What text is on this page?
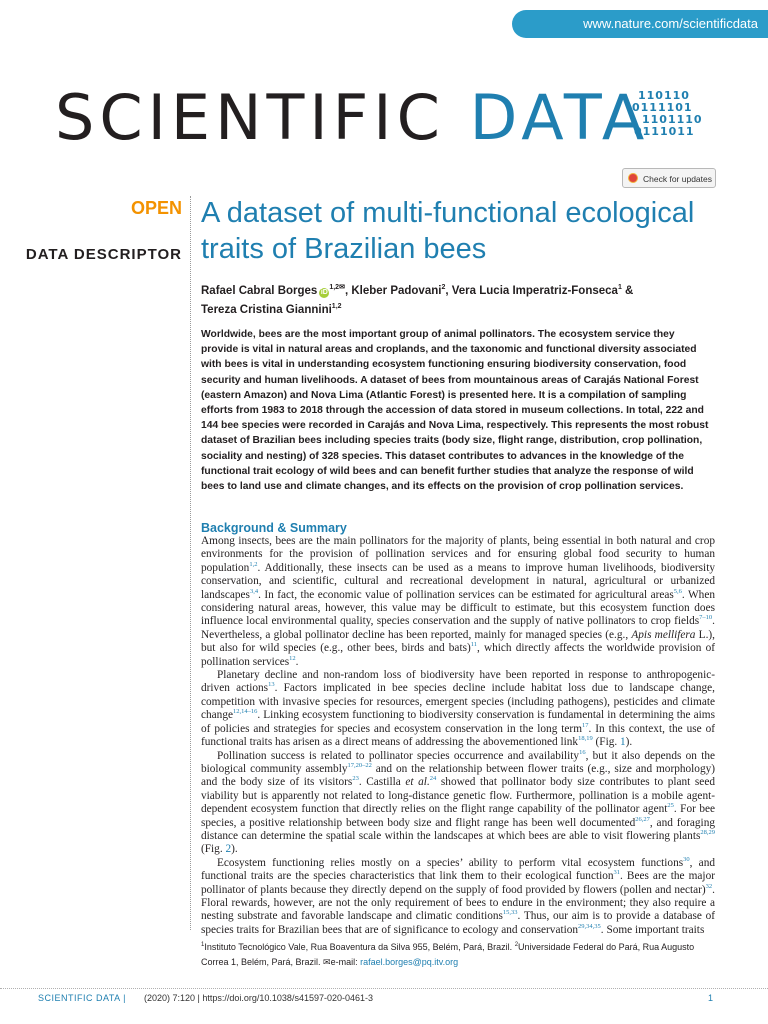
www.nature.com/scientificdata
SCIENTIFIC DATA
110110
0111101
1101110
0111011
Check for updates
OPEN
DATA DESCRIPTOR
A dataset of multi-functional ecological traits of Brazilian bees
Rafael Cabral Borges $iD^{1,2✉}$, Kleber Padovani$^2$, Vera Lucia Imperatriz-Fonseca$^1$ &
Tereza Cristina Giannini$^{1,2}$

Worldwide, bees are the most important group of animal pollinators. The ecosystem service they provide is vital in natural areas and croplands, and the taxonomic and functional diversity associated with bees is vital in understanding ecosystem functioning ensuring biodiversity conservation, food security and human livelihoods. A dataset of bees from mountainous areas of Carajás National Forest (eastern Amazon) and Nova Lima (Atlantic Forest) is presented here. It is a compilation of sampling efforts from 1983 to 2018 through the accession of data stored in museum collections. In total, 222 and 144 bee species were recorded in Carajás and Nova Lima, respectively. This represents the most robust dataset of Brazilian bees including species traits (body size, flight range, distribution, crop pollination, sociality and nesting) of 328 species. This dataset contributes to advances in the knowledge of the functional trait ecology of wild bees and can benefit further studies that analyze the response of wild bees to land use and climate changes, and its effects on the provision of crop pollination services.

Background & Summary

Among insects, bees are the main pollinators for the majority of plants, being essential in both natural and crop environments for the provision of pollination services and for ensuring global food security to human population$^{1,2}$. Additionally, these insects can be used as a means to improve human livelihoods, biodiversity conservation, and scientific, cultural and recreational development in natural, agricultural or urbanized landscapes$^{3,4}$. In fact, the economic value of pollination services can be estimated for agricultural areas$^{5,6}$. When considering natural areas, however, this value may be difficult to estimate, but this ecosystem function does influence local environmental quality, species conservation and the supply of native pollinators to crop fields$^{7-10}$. Nevertheless, a global pollinator decline has been reported, mainly for managed species (e.g., Apis mellifera L.), but also for wild species (e.g., other bees, birds and bats)$^{11}$, which directly affects the worldwide provision of pollination services$^{12}$.

Planetary decline and non-random loss of biodiversity have been reported in response to anthropogenic-driven actions$^{13}$. Factors implicated in bee species decline include habitat loss due to landscape change, competition with invasive species for resources, emergent species (including pathogens), pesticides and climate change$^{12,14-16}$. Linking ecosystem functioning to biodiversity conservation is fundamental in determining the aims of policies and strategies for species and ecosystem conservation in the long term$^{17}$. In this context, the use of functional traits has arisen as a direct means of addressing the abovementioned link$^{18,19}$ (Fig. 1).

Pollination success is related to pollinator species occurrence and availability$^{16}$, but it also depends on the biological community assembly$^{17,20-22}$ and on the relationship between flower traits (e.g., size and morphology) and the body size of its visitors$^{23}$. Castilla et al.$^{24}$ showed that pollinator body size contributes to plant seed viability but is apparently not related to long-distance genetic flow. Furthermore, pollination is a mobile agent-dependent ecosystem function that directly relies on the flight range capability of the pollinator agent$^{25}$. For bee species, a positive relationship between body size and flight range has been well documented$^{26,27}$, and foraging distance can determine the spatial scale within the landscapes at which bees are able to visit flowering plants$^{28,29}$ (Fig. 2).

Ecosystem functioning relies mostly on a species’ ability to perform vital ecosystem functions$^{30}$, and functional traits are the species characteristics that link them to their ecological function$^{31}$. Bees are the major pollinator of plants because they directly depend on the supply of food provided by flowers (pollen and nectar)$^{32}$. Floral rewards, however, are not the only requirement of bees to endure in the environment; they also require a nesting substrate and favorable landscape and climatic conditions$^{15,33}$. Thus, our aim is to provide a database of species traits for Brazilian bees that are of significance to ecology and conservation$^{29,34,35}$. Some important traits

$^1$Instituto Tecnológico Vale, Rua Boaventura da Silva 955, Belém, Pará, Brazil. $^2$Universidade Federal do Pará, Rua Augusto Correa 1, Belém, Pará, Brazil. ✉e-mail: rafael.borges@pq.itv.org
SCIENTIFIC DATA | (2020) 7:120 | https://doi.org/10.1038/s41597-020-0461-3	1
